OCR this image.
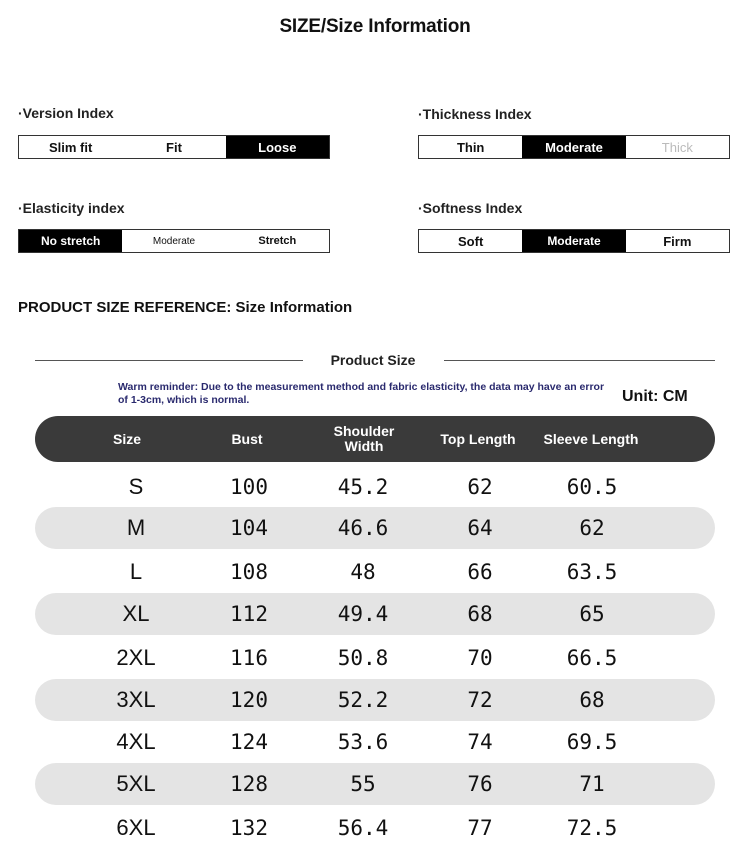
SIZE/Size Information
·Version Index
Slim fit	Fit	Loose
·Thickness Index
Thin	Moderate	Thick
·Elasticity index
No stretch	Moderate	Stretch
·Softness Index
Soft	Moderate	Firm
PRODUCT SIZE REFERENCE: Size Information
Product Size
Warm reminder: Due to the measurement method and fabric elasticity, the data may have an error of 1-3cm, which is normal.	Unit: CM
Size	Bust	Shoulder Width	Top Length	Sleeve Length
S	100	45.2	62	60.5
M	104	46.6	64	62
L	108	48	66	63.5
XL	112	49.4	68	65
2XL	116	50.8	70	66.5
3XL	120	52.2	72	68
4XL	124	53.6	74	69.5
5XL	128	55	76	71
6XL	132	56.4	77	72.5
